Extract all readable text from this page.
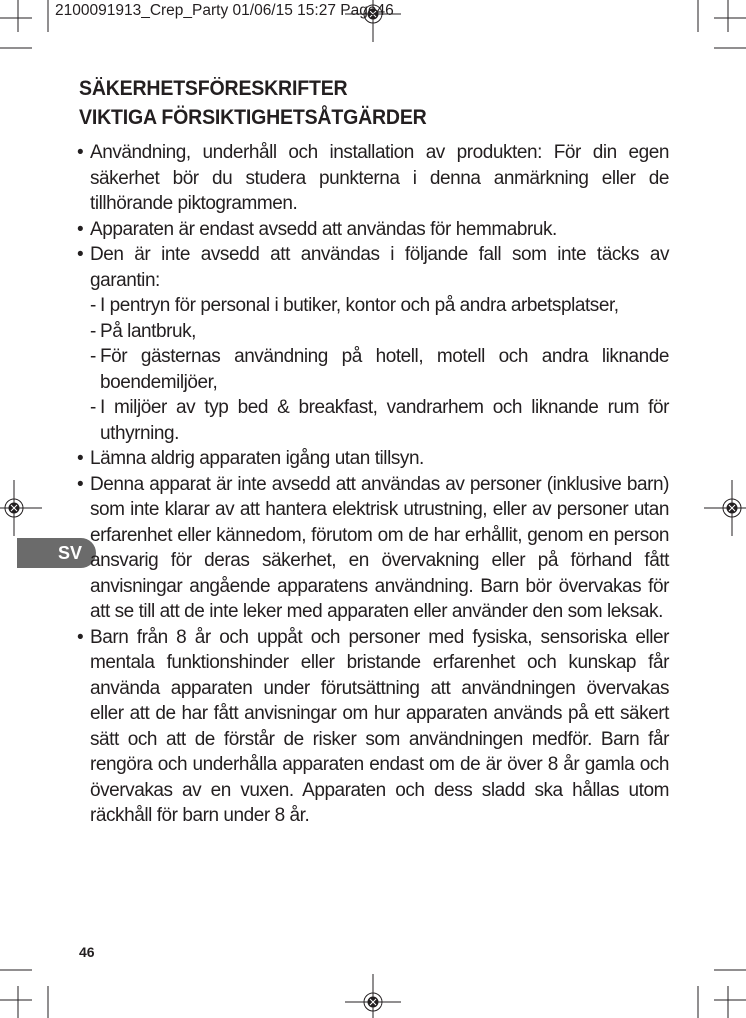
2100091913_Crep_Party 01/06/15 15:27 Page46
SV
SÄKERHETSFÖRESKRIFTER
VIKTIGA FÖRSIKTIGHETSÅTGÄRDER
• Användning, underhåll och installation av produkten: För din egen säkerhet bör du studera punkterna i denna anmärkning eller de tillhörande piktogrammen.
• Apparaten är endast avsedd att användas för hemmabruk.
• Den är inte avsedd att användas i följande fall som inte täcks av garantin:
- I pentryn för personal i butiker, kontor och på andra arbetsplatser,
- På lantbruk,
- För gästernas användning på hotell, motell och andra liknande boendemiljöer,
- I miljöer av typ bed & breakfast, vandrarhem och liknande rum för uthyrning.
• Lämna aldrig apparaten igång utan tillsyn.
• Denna apparat är inte avsedd att användas av personer (inklusive barn) som inte klarar av att hantera elektrisk utrustning, eller av personer utan erfarenhet eller kännedom, förutom om de har erhållit, genom en person ansvarig för deras säkerhet, en övervakning eller på förhand fått anvisningar angående apparatens användning. Barn bör övervakas för att se till att de inte leker med apparaten eller använder den som leksak.
• Barn från 8 år och uppåt och personer med fysiska, sensoriska eller mentala funktionshinder eller bristande erfarenhet och kunskap får använda apparaten under förutsättning att användningen övervakas eller att de har fått anvisningar om hur apparaten används på ett säkert sätt och att de förstår de risker som användningen medför. Barn får rengöra och underhålla apparaten endast om de är över 8 år gamla och övervakas av en vuxen. Apparaten och dess sladd ska hållas utom räckhåll för barn under 8 år.
46
